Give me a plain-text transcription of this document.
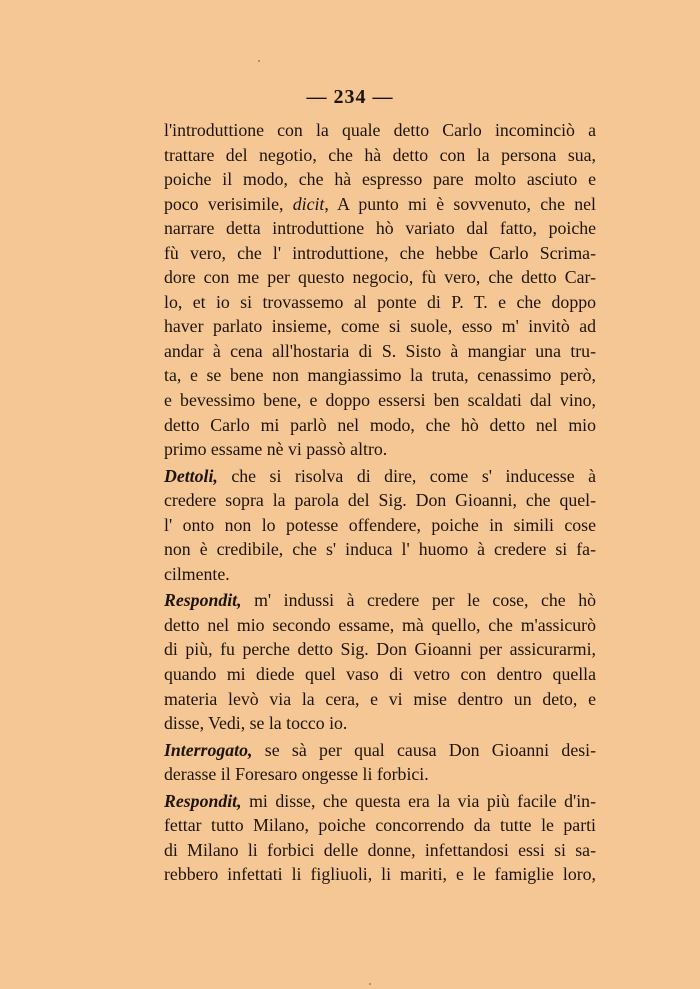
— 234 —
l'introduttione con la quale detto Carlo incominciò a
trattare del negotio, che hà detto con la persona sua,
poiche il modo, che hà espresso pare molto asciuto e
poco verisimile, dicit, A punto mi è sovvenuto, che nel
narrare detta introduttione hò variato dal fatto, poiche
fù vero, che l' introduttione, che hebbe Carlo Scrima-
dore con me per questo negocio, fù vero, che detto Car-
lo, et io si trovassemo al ponte di P. T. e che doppo
haver parlato insieme, come si suole, esso m' invitò ad
andar à cena all'hostaria di S. Sisto à mangiar una tru-
ta, e se bene non mangiassimo la truta, cenassimo però,
e bevessimo bene, e doppo essersi ben scaldati dal vino,
detto Carlo mi parlò nel modo, che hò detto nel mio
primo essame nè vi passò altro.
Dettoli, che si risolva di dire, come s' inducesse à
credere sopra la parola del Sig. Don Gioanni, che quel-
l' onto non lo potesse offendere, poiche in simili cose
non è credibile, che s' induca l' huomo à credere si fa-
cilmente.
Respondit, m' indussi à credere per le cose, che hò
detto nel mio secondo essame, mà quello, che m'assicurò
di più, fu perche detto Sig. Don Gioanni per assicurarmi,
quando mi diede quel vaso di vetro con dentro quella
materia levò via la cera, e vi mise dentro un deto, e
disse, Vedi, se la tocco io.
Interrogato, se sà per qual causa Don Gioanni desi-
derasse il Foresaro ongesse li forbici.
Respondit, mi disse, che questa era la via più facile d'in-
fettar tutto Milano, poiche concorrendo da tutte le parti
di Milano li forbici delle donne, infettandosi essi si sa-
rebbero infettati li figliuoli, li mariti, e le famiglie loro,
